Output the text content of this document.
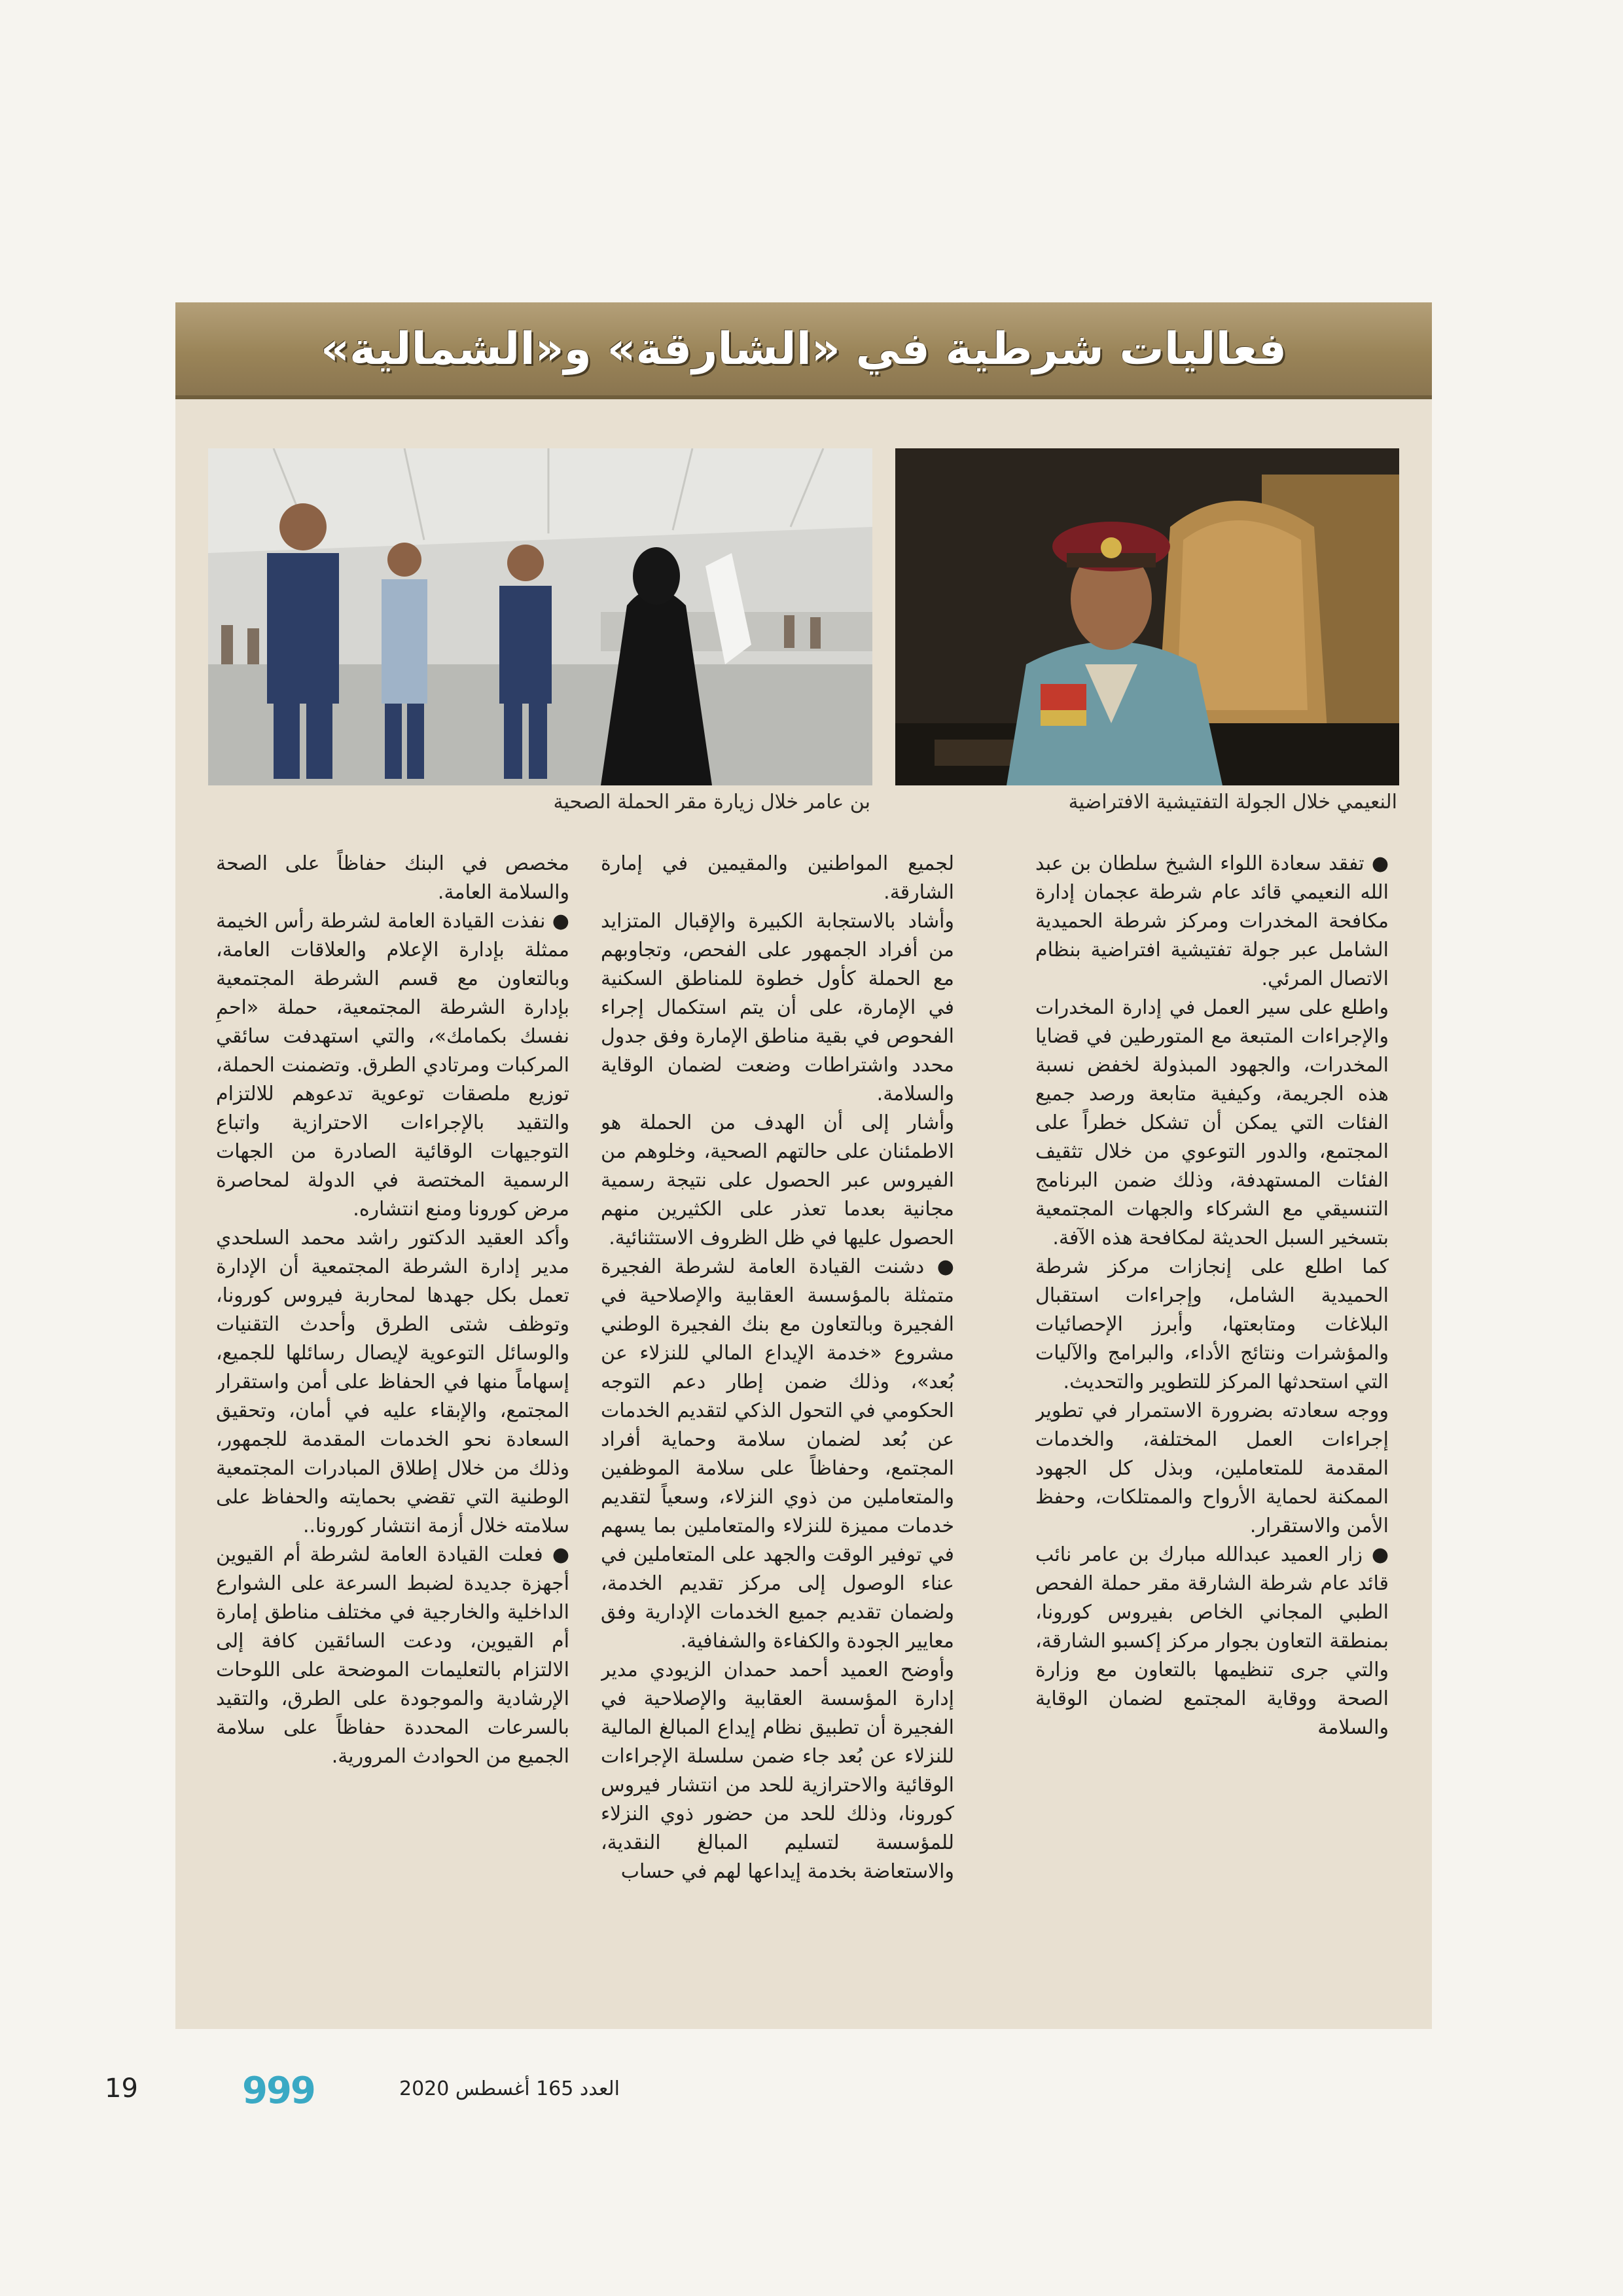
فعاليات شرطية في «الشارقة» و«الشمالية»
النعيمي خلال الجولة التفتيشية الافتراضية
بن عامر خلال زيارة مقر الحملة الصحية

● تفقد سعادة اللواء الشيخ سلطان بن عبد الله النعيمي قائد عام شرطة عجمان إدارة مكافحة المخدرات ومركز شرطة الحميدية الشامل عبر جولة تفتيشية افتراضية بنظام الاتصال المرئي.

واطلع على سير العمل في إدارة المخدرات والإجراءات المتبعة مع المتورطين في قضايا المخدرات، والجهود المبذولة لخفض نسبة هذه الجريمة، وكيفية متابعة ورصد جميع الفئات التي يمكن أن تشكل خطراً على المجتمع، والدور التوعوي من خلال تثقيف الفئات المستهدفة، وذلك ضمن البرنامج التنسيقي مع الشركاء والجهات المجتمعية بتسخير السبل الحديثة لمكافحة هذه الآفة.

كما اطلع على إنجازات مركز شرطة الحميدية الشامل، وإجراءات استقبال البلاغات ومتابعتها، وأبرز الإحصائيات والمؤشرات ونتائج الأداء، والبرامج والآليات التي استحدثها المركز للتطوير والتحديث.

ووجه سعادته بضرورة الاستمرار في تطوير إجراءات العمل المختلفة، والخدمات المقدمة للمتعاملين، وبذل كل الجهود الممكنة لحماية الأرواح والممتلكات، وحفظ الأمن والاستقرار.

● زار العميد عبدالله مبارك بن عامر نائب قائد عام شرطة الشارقة مقر حملة الفحص الطبي المجاني الخاص بفيروس كورونا، بمنطقة التعاون بجوار مركز إكسبو الشارقة، والتي جرى تنظيمها بالتعاون مع وزارة الصحة ووقاية المجتمع لضمان الوقاية والسلامة

لجميع المواطنين والمقيمين في إمارة الشارقة.

وأشاد بالاستجابة الكبيرة والإقبال المتزايد من أفراد الجمهور على الفحص، وتجاوبهم مع الحملة كأول خطوة للمناطق السكنية في الإمارة، على أن يتم استكمال إجراء الفحوص في بقية مناطق الإمارة وفق جدول محدد واشتراطات وضعت لضمان الوقاية والسلامة.

وأشار إلى أن الهدف من الحملة هو الاطمئنان على حالتهم الصحية، وخلوهم من الفيروس عبر الحصول على نتيجة رسمية مجانية بعدما تعذر على الكثيرين منهم الحصول عليها في ظل الظروف الاستثنائية.

● دشنت القيادة العامة لشرطة الفجيرة متمثلة بالمؤسسة العقابية والإصلاحية في الفجيرة وبالتعاون مع بنك الفجيرة الوطني مشروع «خدمة الإيداع المالي للنزلاء عن بُعد»، وذلك ضمن إطار دعم التوجه الحكومي في التحول الذكي لتقديم الخدمات عن بُعد لضمان سلامة وحماية أفراد المجتمع، وحفاظاً على سلامة الموظفين والمتعاملين من ذوي النزلاء، وسعياً لتقديم خدمات مميزة للنزلاء والمتعاملين بما يسهم في توفير الوقت والجهد على المتعاملين في عناء الوصول إلى مركز تقديم الخدمة، ولضمان تقديم جميع الخدمات الإدارية وفق معايير الجودة والكفاءة والشفافية.

وأوضح العميد أحمد حمدان الزيودي مدير إدارة المؤسسة العقابية والإصلاحية في الفجيرة أن تطبيق نظام إيداع المبالغ المالية للنزلاء عن بُعد جاء ضمن سلسلة الإجراءات الوقائية والاحترازية للحد من انتشار فيروس كورونا، وذلك للحد من حضور ذوي النزلاء للمؤسسة لتسليم المبالغ النقدية، والاستعاضة بخدمة إيداعها لهم في حساب

مخصص في البنك حفاظاً على الصحة والسلامة العامة.

● نفذت القيادة العامة لشرطة رأس الخيمة ممثلة بإدارة الإعلام والعلاقات العامة، وبالتعاون مع قسم الشرطة المجتمعية بإدارة الشرطة المجتمعية، حملة «احمِ نفسك بكمامك»، والتي استهدفت سائقي المركبات ومرتادي الطرق. وتضمنت الحملة، توزيع ملصقات توعوية تدعوهم للالتزام والتقيد بالإجراءات الاحترازية واتباع التوجيهات الوقائية الصادرة من الجهات الرسمية المختصة في الدولة لمحاصرة مرض كورونا ومنع انتشاره.

وأكد العقيد الدكتور راشد محمد السلحدي مدير إدارة الشرطة المجتمعية أن الإدارة تعمل بكل جهدها لمحاربة فيروس كورونا، وتوظف شتى الطرق وأحدث التقنيات والوسائل التوعوية لإيصال رسائلها للجميع، إسهاماً منها في الحفاظ على أمن واستقرار المجتمع، والإبقاء عليه في أمان، وتحقيق السعادة نحو الخدمات المقدمة للجمهور، وذلك من خلال إطلاق المبادرات المجتمعية الوطنية التي تقضي بحمايته والحفاظ على سلامته خلال أزمة انتشار كورونا..

● فعلت القيادة العامة لشرطة أم القيوين أجهزة جديدة لضبط السرعة على الشوارع الداخلية والخارجية في مختلف مناطق إمارة أم القيوين، ودعت السائقين كافة إلى الالتزام بالتعليمات الموضحة على اللوحات الإرشادية والموجودة على الطرق، والتقيد بالسرعات المحددة حفاظاً على سلامة الجميع من الحوادث المرورية.

19	999	العدد 165 أغسطس 2020
